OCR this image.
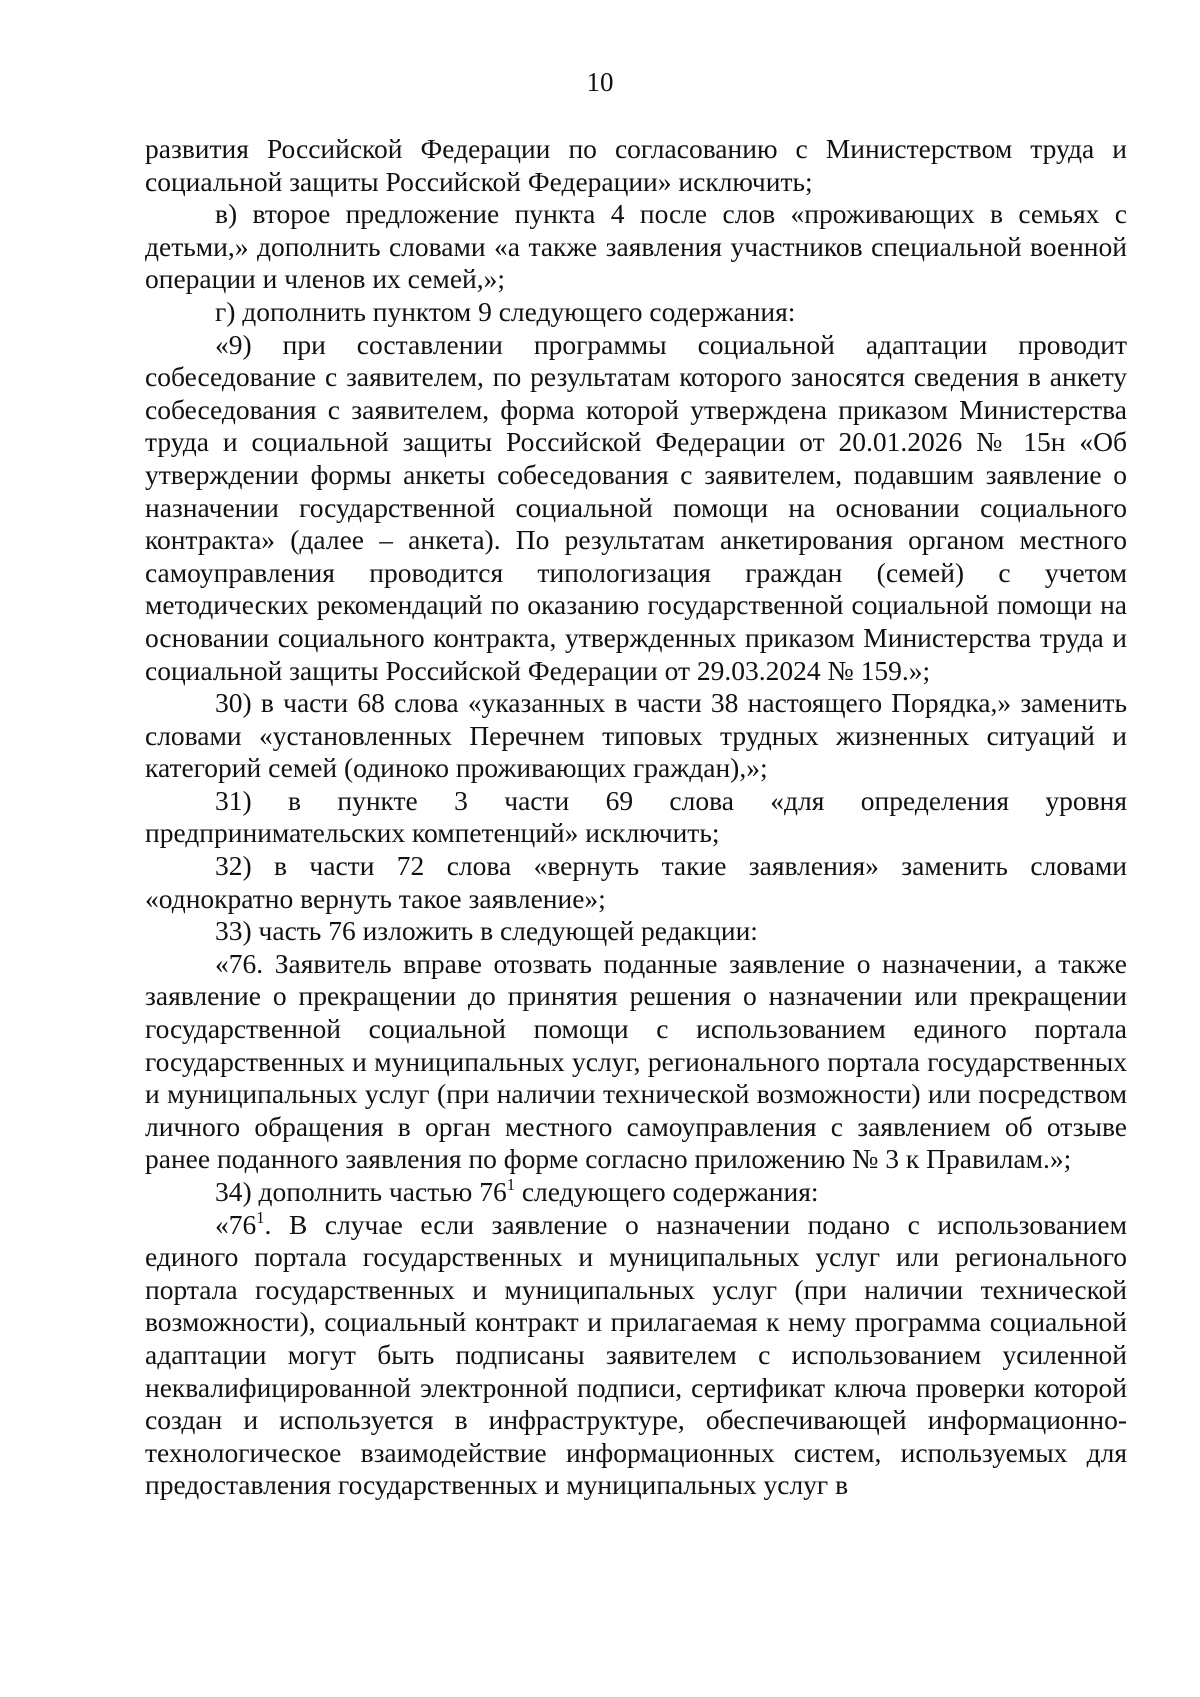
10

развития Российской Федерации по согласованию с Министерством труда и социальной защиты Российской Федерации» исключить;

в) второе предложение пункта 4 после слов «проживающих в семьях с детьми,» дополнить словами «а также заявления участников специальной военной операции и членов их семей,»;

г) дополнить пунктом 9 следующего содержания:

«9) при составлении программы социальной адаптации проводит собеседование с заявителем, по результатам которого заносятся сведения в анкету собеседования с заявителем, форма которой утверждена приказом Министерства труда и социальной защиты Российской Федерации от 20.01.2026 № 15н «Об утверждении формы анкеты собеседования с заявителем, подавшим заявление о назначении государственной социальной помощи на основании социального контракта» (далее – анкета). По результатам анкетирования органом местного самоуправления проводится типологизация граждан (семей) с учетом методических рекомендаций по оказанию государственной социальной помощи на основании социального контракта, утвержденных приказом Министерства труда и социальной защиты Российской Федерации от 29.03.2024 № 159.»;

30) в части 68 слова «указанных в части 38 настоящего Порядка,» заменить словами «установленных Перечнем типовых трудных жизненных ситуаций и категорий семей (одиноко проживающих граждан),»;

31) в пункте 3 части 69 слова «для определения уровня предпринимательских компетенций» исключить;

32) в части 72 слова «вернуть такие заявления» заменить словами «однократно вернуть такое заявление»;

33) часть 76 изложить в следующей редакции:

«76. Заявитель вправе отозвать поданные заявление о назначении, а также заявление о прекращении до принятия решения о назначении или прекращении государственной социальной помощи с использованием единого портала государственных и муниципальных услуг, регионального портала государственных и муниципальных услуг (при наличии технической возможности) или посредством личного обращения в орган местного самоуправления с заявлением об отзыве ранее поданного заявления по форме согласно приложению № 3 к Правилам.»;

34) дополнить частью $76^1$ следующего содержания:

«$76^1$. В случае если заявление о назначении подано с использованием единого портала государственных и муниципальных услуг или регионального портала государственных и муниципальных услуг (при наличии технической возможности), социальный контракт и прилагаемая к нему программа социальной адаптации могут быть подписаны заявителем с использованием усиленной неквалифицированной электронной подписи, сертификат ключа проверки которой создан и используется в инфраструктуре, обеспечивающей информационно-технологическое взаимодействие информационных систем, используемых для предоставления государственных и муниципальных услуг в
